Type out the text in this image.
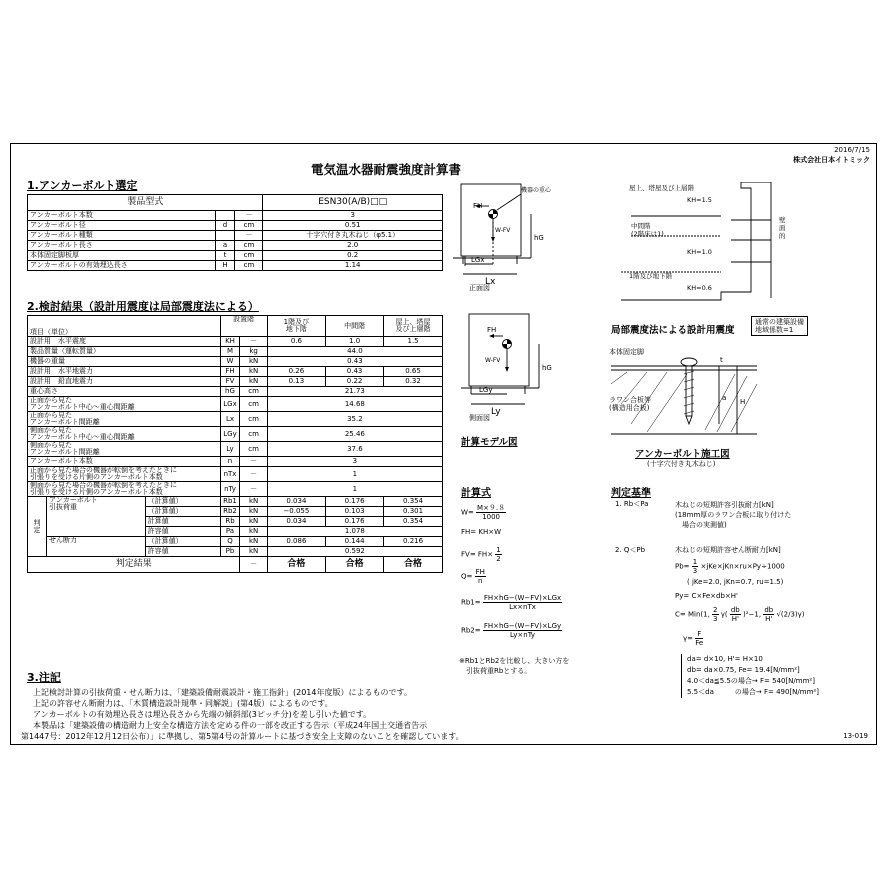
2016/7/15
株式会社日本イトミック
電気温水器耐震強度計算書
13-019
1.アンカーボルト選定
製品型式			ESN30(A/B)□□
アンカーボルト本数		－	3
アンカーボルト径	d	cm	0.51
アンカーボルト種類		－	十字穴付き丸木ねじ（φ5.1）
アンカーボルト長さ	a	cm	2.0
本体固定脚板厚	t	cm	0.2
アンカーボルトの有効埋込長さ	H	cm	1.14
2.検討結果（設計用震度は局部震度法による）
項目（単位）			設置階		1階及び
地下階	中間階	屋上、塔屋
及び上層階
設計用　水平震度			KH	－	0.6	1.0	1.5
製品質量（運転質量）			M	kg	44.0		
機器の重量			W	kN	0.43		
設計用　水平地震力			FH	kN	0.26	0.43	0.65
設計用　鉛直地震力			FV	kN	0.13	0.22	0.32
重心高さ			hG	cm	21.73		
正面から見た
アンカーボルト中心～重心間距離			LGx	cm	14.68		
正面から見た
アンカーボルト間距離			Lx	cm	35.2		
側面から見た
アンカーボルト中心～重心間距離			LGy	cm	25.46		
側面から見た
アンカーボルト間距離			Ly	cm	37.6		
アンカーボルト本数			n	－	3		
正面から見た場合の機器が転倒を考えたときに
引張りを受ける片側のアンカーボルト本数			nTx	－	1		
側面から見た場合の機器が転倒を考えたときに
引張りを受ける片側のアンカーボルト本数			nTy	－	1		
判　定	アンカーボルト
引抜荷重	（計算値）	Rb1	kN	0.034	0.176	0.354
		（計算値）	Rb2	kN	−0.055	0.103	0.301
		計算値	Rb	kN	0.034	0.176	0.354
		許容値	Pa	kN	1.078		
	せん断力	（計算値）	Q	kN	0.086	0.144	0.216
		許容値	Pb	kN	0.592		
判定結果				－	合格	合格	合格
3.注記
上記検討計算の引抜荷重・せん断力は、「建築設備耐震設計・施工指針」(2014年度版）によるものです。
上記の許容せん断耐力は、「木質構造設計規準・同解説」(第4版）によるものです。
アンカーボルトの有効埋込長さは埋込長さから先端の傾斜部(3ピッチ分)を差し引いた値です。
本製品は「建築設備の構造耐力上安全な構造方法を定める件の一部を改正する告示（平成24年国土交通省告示
第1447号：2012年12月12日公布）」に準拠し、第5第4号の計算ルートに基づき安全上支障のないことを確認しています。
FH
W-FV
機器の重心
hG
LGx
Lx
正面図
FH
W-FV
hG
LGy
Ly
側面図
計算モデル図
屋上、塔屋及び上層階
KH=1.5
中間階(2階床は1)
KH=1.0
1階及び地下階
KH=0.6
壁面的
局部震度法による設計用震度
通常の建築設備
地域係数=1
t
a H
本体固定脚
ラワン合板等
(構造用合板)
アンカーボルト施工図
(十字穴付き丸木ねじ)
計算式
$W= \frac{M\times 9.8}{1000}$
FH= KH×W
$FV= FH\times \frac{1}{2}$
$Q= \frac{FH}{n}$
$Rb1= \frac{\text{FH×hG−(W−FV)×LGx}}{\text{Lx×nTx}}$
$Rb2= \frac{\text{FH×hG−(W−FV)×LGy}}{\text{Ly×nTy}}$
※Rb1とRb2を比較し、大きい方を
　引抜荷重Rbとする。
判定基準
1. Rb＜Pa	木ねじの短期許容引抜耐力[kN]
(18mm厚のラワン合板に取り付けた
　場合の実測値)
2. Q＜Pb	木ねじの短期許容せん断耐力[kN]
$Pb= \frac{1}{3} \times jKe\times jKn\times ru\times Py\div 1000$
( jKe=2.0, jKn=0.7, ru=1.5)
Py= C×Fe×db×H'
C= Min(1, $\frac{2}{3} \gamma( \frac{db}{H'} )^2-1$, $\frac{db}{H'} √(2/3)\gamma$)
$\gamma= \frac{F}{Fe}$
da= d×10, H'= H×10
db= da×0.75, Fe= 19.4[N/mm²]
4.0＜da≦5.5の場合→ F= 540[N/mm²]
5.5＜da　　　の場合→ F= 490[N/mm²]
